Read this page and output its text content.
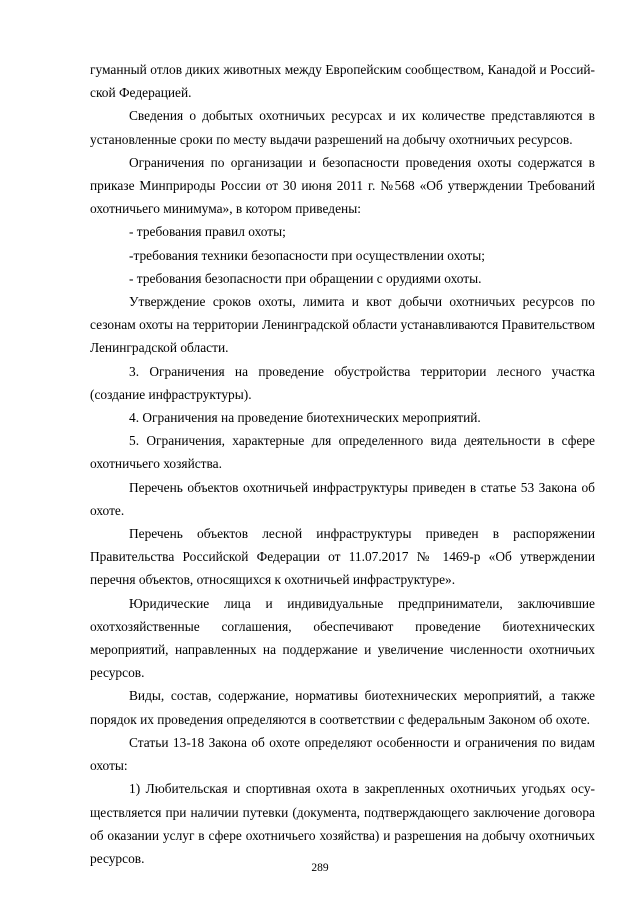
гуманный отлов диких животных между Европейским сообществом, Канадой и Российской Федерацией.

Сведения о добытых охотничьих ресурсах и их количестве представляются в установленные сроки по месту выдачи разрешений на добычу охотничьих ресурсов.

Ограничения по организации и безопасности проведения охоты содержатся в приказе Минприроды России от 30 июня 2011 г. №568 «Об утверждении Требований охотничьего минимума», в котором приведены:

- требования правил охоты;

-требования техники безопасности при осуществлении охоты;

- требования безопасности при обращении с орудиями охоты.

Утверждение сроков охоты, лимита и квот добычи охотничьих ресурсов по сезонам охоты на территории Ленинградской области устанавливаются Правительством Ленинградской области.

3. Ограничения на проведение обустройства территории лесного участка (создание инфраструктуры).

4. Ограничения на проведение биотехнических мероприятий.

5. Ограничения, характерные для определенного вида деятельности в сфере охотничьего хозяйства.

Перечень объектов охотничьей инфраструктуры приведен в статье 53 Закона об охоте.

Перечень объектов лесной инфраструктуры приведен в распоряжении Правительства Российской Федерации от 11.07.2017 № 1469-р «Об утверждении перечня объектов, относящихся к охотничьей инфраструктуре».

Юридические лица и индивидуальные предприниматели, заключившие охотхозяйственные соглашения, обеспечивают проведение биотехнических мероприятий, направленных на поддержание и увеличение численности охотничьих ресурсов.

Виды, состав, содержание, нормативы биотехнических мероприятий, а также порядок их проведения определяются в соответствии с федеральным Законом об охоте.

Статьи 13-18 Закона об охоте определяют особенности и ограничения по видам охоты:

1) Любительская и спортивная охота в закрепленных охотничьих угодьях осуществляется при наличии путевки (документа, подтверждающего заключение договора об оказании услуг в сфере охотничьего хозяйства) и разрешения на добычу охотничьих ресурсов.

289
